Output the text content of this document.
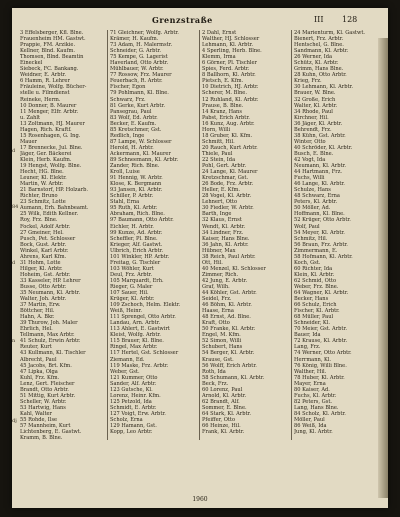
Grenzstraße	III 128
3 Effelsberger, Kfl. Blne.
Frauenheim HM. Gastwt.
Prappie, FM. Arzikie.
Kellner, Blnd. Kaufm.
Thomsen, Blnd. Beamtin
Eineckel
Siebeck, FC. Bankang.
Weidner, E. Arbtr.
6 Hamm, R. Lehrer
Fräuleine, Wolfg. Bücher-
stelle u. Filmdienst
Reineke, Herm.
10 Donner, B. Maurer
11 Menger, Elfr. Arbtr.
u. Zahlt
13 Zoltmann, HJ. Maurer
Hagen, Rich. Kraftf.
15 Rosenhagen, G. Ing.
Mauer
17 Brennecke, Jul. Blne.
Jäger, Ger. Bäckerei
Klein, Herb. Kaufm.
19 Hengst, Wolfg. Blne.
Hecht, HG. Blne.
Leuner, Kl. Elektr.
Martin, W. Arbtr.
21 Barnstorf, HP. Holzarb.
Richter, Bruno
23 Schmitz, Lotte
Aumann, Erh. Bahnbeamt.
25 Wilk, Edith Kellner.
Roy, Frz. Blne.
Fockel, Adolf Arbtr.
27 Gmeiner, Hel.
Pusch, Pet. Schlosser
Bock, Gust. Arbtr.
Winkel, Karl Arbtr.
Ahrens, Karl Kfm.
31 Hohm, Lotte
Hilger, Kl. Arbtr.
Hoheim, Gst. Arbtr.
33 Kasseler, HP. Lehrer
Busse, Otto Arbtr.
35 Neumann, Kl. Arbtr.
Walter, Joh. Arbtr.
37 Martin, Erw.
Böttcher, Hil.
Hahn, A. Bkr.
39 Thurow, Joh. Maler
Ehrlich, Hel.
Tellmann, Max Arbtr.
41 Schulz, Erwin Arbtr.
Reuter, Kurt
43 Kullmann, Kl. Tischler
Albrecht, Paul
45 Jacobs, Brt. Kfm.
47 Lipka, Olga
Kuhl, Frz. Kfm.
Lenz, Gert. Fleischer
Brandt, Otto Arbtr.
51 Mittig, Kurt Arbtr.
Scheller, W. Arbtr.
53 Hartwig, Hans
Kahl, Walter
55 Rohde, Ilse
57 Mannheim, Kurt
Lichtenberg, E. Gastwt.
Kramm, B. Blne.
71 Gleichner, Wolfg. Arbtr.
Krämer, H. Kaufm.
73 Adam, H. Malermstr.
Schneider, G. Arbtr.
75 Kempe, G. Lagerist
Haverland, Otto Arbtr.
Mühlbauer, W. Arbtr.
77 Rossow, Frz. Maurer
Feuerbach, R. Arbtr.
Fischer, Egon
79 Pohlmann, Kl. Blne.
Schwarz, Frz.
81 Gerke, Kurt Arbtr.
Pansegrau, Paul
83 Wolf, Ed. Arbtr.
Becker, E. Kaufm.
85 Kretschmer, Gst.
Redlich, Inge
87 Lampe, W. Schlosser
Herold, H. Arbtr.
Ackermann, Kl. Maurer
89 Schneemann, Kl. Arbtr.
Zander, Rich. Blne.
Kroll, Luise
91 Hennig, W. Arbtr.
Klose, K. Bergmann
93 Jansen, Kl. Arbtr.
Schiller, P. Arbtr.
Stahl, Erna
95 Ruth, Kl. Arbtr.
Abraham, Rich. Blne.
97 Baumann, Otto Arbtr.
Eichler, H. Arbtr.
99 Kunze, Ad. Arbtr.
Scheffler, Pl. Blne.
Krieger, Alf. Gastwt.
Ulbrich, Erich Arbtr.
101 Winkler, HP. Arbtr.
Freitag, G. Tischler
103 Wöhler, Kurt
Deul, Frz. Arbtr.
105 Marquardt, Erh.
Rieger, G. Maler
107 Sauer, Hil.
Krüger, Kl. Arbtr.
109 Zschoch, Helm. Elektr.
Weiß, Heinr.
111 Sprengel, Otto Arbtr.
Landau, Arn. Arbtr.
113 Ahlert, E. Gastwirt
Kleist, Wolfg. Arbtr.
115 Brauer, Kl. Blne.
Ringel, Max Arbtr.
117 Hertel, Gst. Schlosser
Ziemann, Ed.
119 Maske, Frz. Arbtr.
Weber, Gst.
121 Kummer, Otto
Sander, Alf. Arbtr.
123 Gutsche, Kl.
Lorenz, Heinr. Kfm.
125 Petzold, Ida
Schmidt, E. Arbtr.
127 Voigt, Erw. Arbtr.
Scholz, Erna
129 Hamann, Gst.
Kopp, Leo Arbtr.
2 Dahl, Ernst
Walther, HJ. Schlosser
Lehmann, Kl. Arbtr.
4 Sperling, Herb. Blne.
Klemm, Irma
6 Görner, Pl. Tischler
Spies, Ferd. Arbtr.
8 Ballhorn, Kl. Arbtr.
Pietsch, E. Kfm.
10 Dietrich, HJ. Arbtr.
Scherer, M. Blne.
12 Ruhland, Kl. Arbtr.
Prause, B. Blne.
14 Kranz, Hans
Pabst, Erich Arbtr.
16 Kunz, Aug. Arbtr.
Horn, Willi
18 Gruber, Kl. Kfm.
Schmitt, Hil.
20 Rauch, Kurt Arbtr.
Thiele, Paul
22 Stein, Ida
Pohl, Gert. Arbtr.
24 Lange, Kl. Maurer
Kretzschmar, Gst.
26 Bode, Frz. Arbtr.
Heller, E. Kfm.
28 Vogel, Kl. Arbtr.
Lehnert, Otto
30 Fiedler, W. Arbtr.
Barth, Inge
32 Klaus, Ernst
Wendt, Kl. Arbtr.
34 Lindner, Frz.
Kaiser, Hans Blne.
36 Jahn, Kl. Arbtr.
Hübner, Max
38 Reich, Paul Arbtr.
Ott, Hil.
40 Menzel, Kl. Schlosser
Zimmer, Rich.
42 Jung, E. Arbtr.
Graf, Wilh.
44 Köhler, Gst. Arbtr.
Seidel, Frz.
46 Böhm, Kl. Arbtr.
Haase, Erna
48 Ernst, Ad. Blne.
Kraft, Otto
50 Franke, Kl. Arbtr.
Engel, M. Kfm.
52 Simon, Willi
Schubert, Hans
54 Berger, Kl. Arbtr.
Krause, Gst.
56 Wolff, Erich Arbtr.
Roth, Ida
58 Schumann, Kl. Arbtr.
Beck, Frz.
60 Lorenz, Paul
Arnold, Kl. Arbtr.
62 Brandt, Alf.
Sommer, E. Blne.
64 Stark, Kl. Arbtr.
Pfeiffer, Otto
66 Heinze, Hil.
Frank, Kl. Arbtr.
24 Marienturm, Kl. Gastwt.
Bienert, Frz. Arbtr.
Hentschel, G. Blne.
Sandmann, Kl. Arbtr.
26 Werner, Ida
Schütz, Kl. Arbtr.
Grimm, Hans Blne.
28 Kuhn, Otto Arbtr.
Krieg, Frz.
30 Lehmann, Kl. Arbtr.
Brauer, W. Blne.
32 Große, Erich
Walter, Kl. Arbtr.
34 Rhode, Paul
Kirchner, Hil.
36 Jäger, Kl. Arbtr.
Behrendt, Frz.
38 Kühn, Gst. Arbtr.
Winter, Otto
40 Schröder, Kl. Arbtr.
Busch, E. Blne.
42 Vogt, Ida
Neumann, Kl. Arbtr.
44 Hartmann, Frz.
Fuchs, Willi
46 Lange, Kl. Arbtr.
Schulze, Hans
48 Schwarz, Erna
Peters, Kl. Arbtr.
50 Möller, Ad.
Hoffmann, Kl. Blne.
52 Krüger, Otto Arbtr.
Wolf, Paul
54 Meyer, Kl. Arbtr.
Schmitz, Hil.
56 Braun, Frz. Arbtr.
Zimmermann, E.
58 Hofmann, Kl. Arbtr.
Koch, Gst.
60 Richter, Ida
Klein, Kl. Arbtr.
62 Schmid, Otto
Weber, Frz. Blne.
64 Wagner, Kl. Arbtr.
Becker, Hans
66 Schulz, Erich
Fischer, Kl. Arbtr.
68 Müller, Paul
Schneider, Kl.
70 Meier, Gst. Arbtr.
Bauer, Ida
72 Krause, Kl. Arbtr.
Lang, Frz.
74 Werner, Otto Arbtr.
Herrmann, Kl.
76 König, Willi Blne.
Walther, Hil.
78 Huber, Kl. Arbtr.
Mayer, Erna
80 Kaiser, Ad.
Fuchs, Kl. Arbtr.
82 Peters, Gst.
Lang, Hans Blne.
84 Scholz, Kl. Arbtr.
Möller, Paul
86 Weiß, Ida
Jung, Kl. Arbtr.
d
84
d
n
dj
1960
